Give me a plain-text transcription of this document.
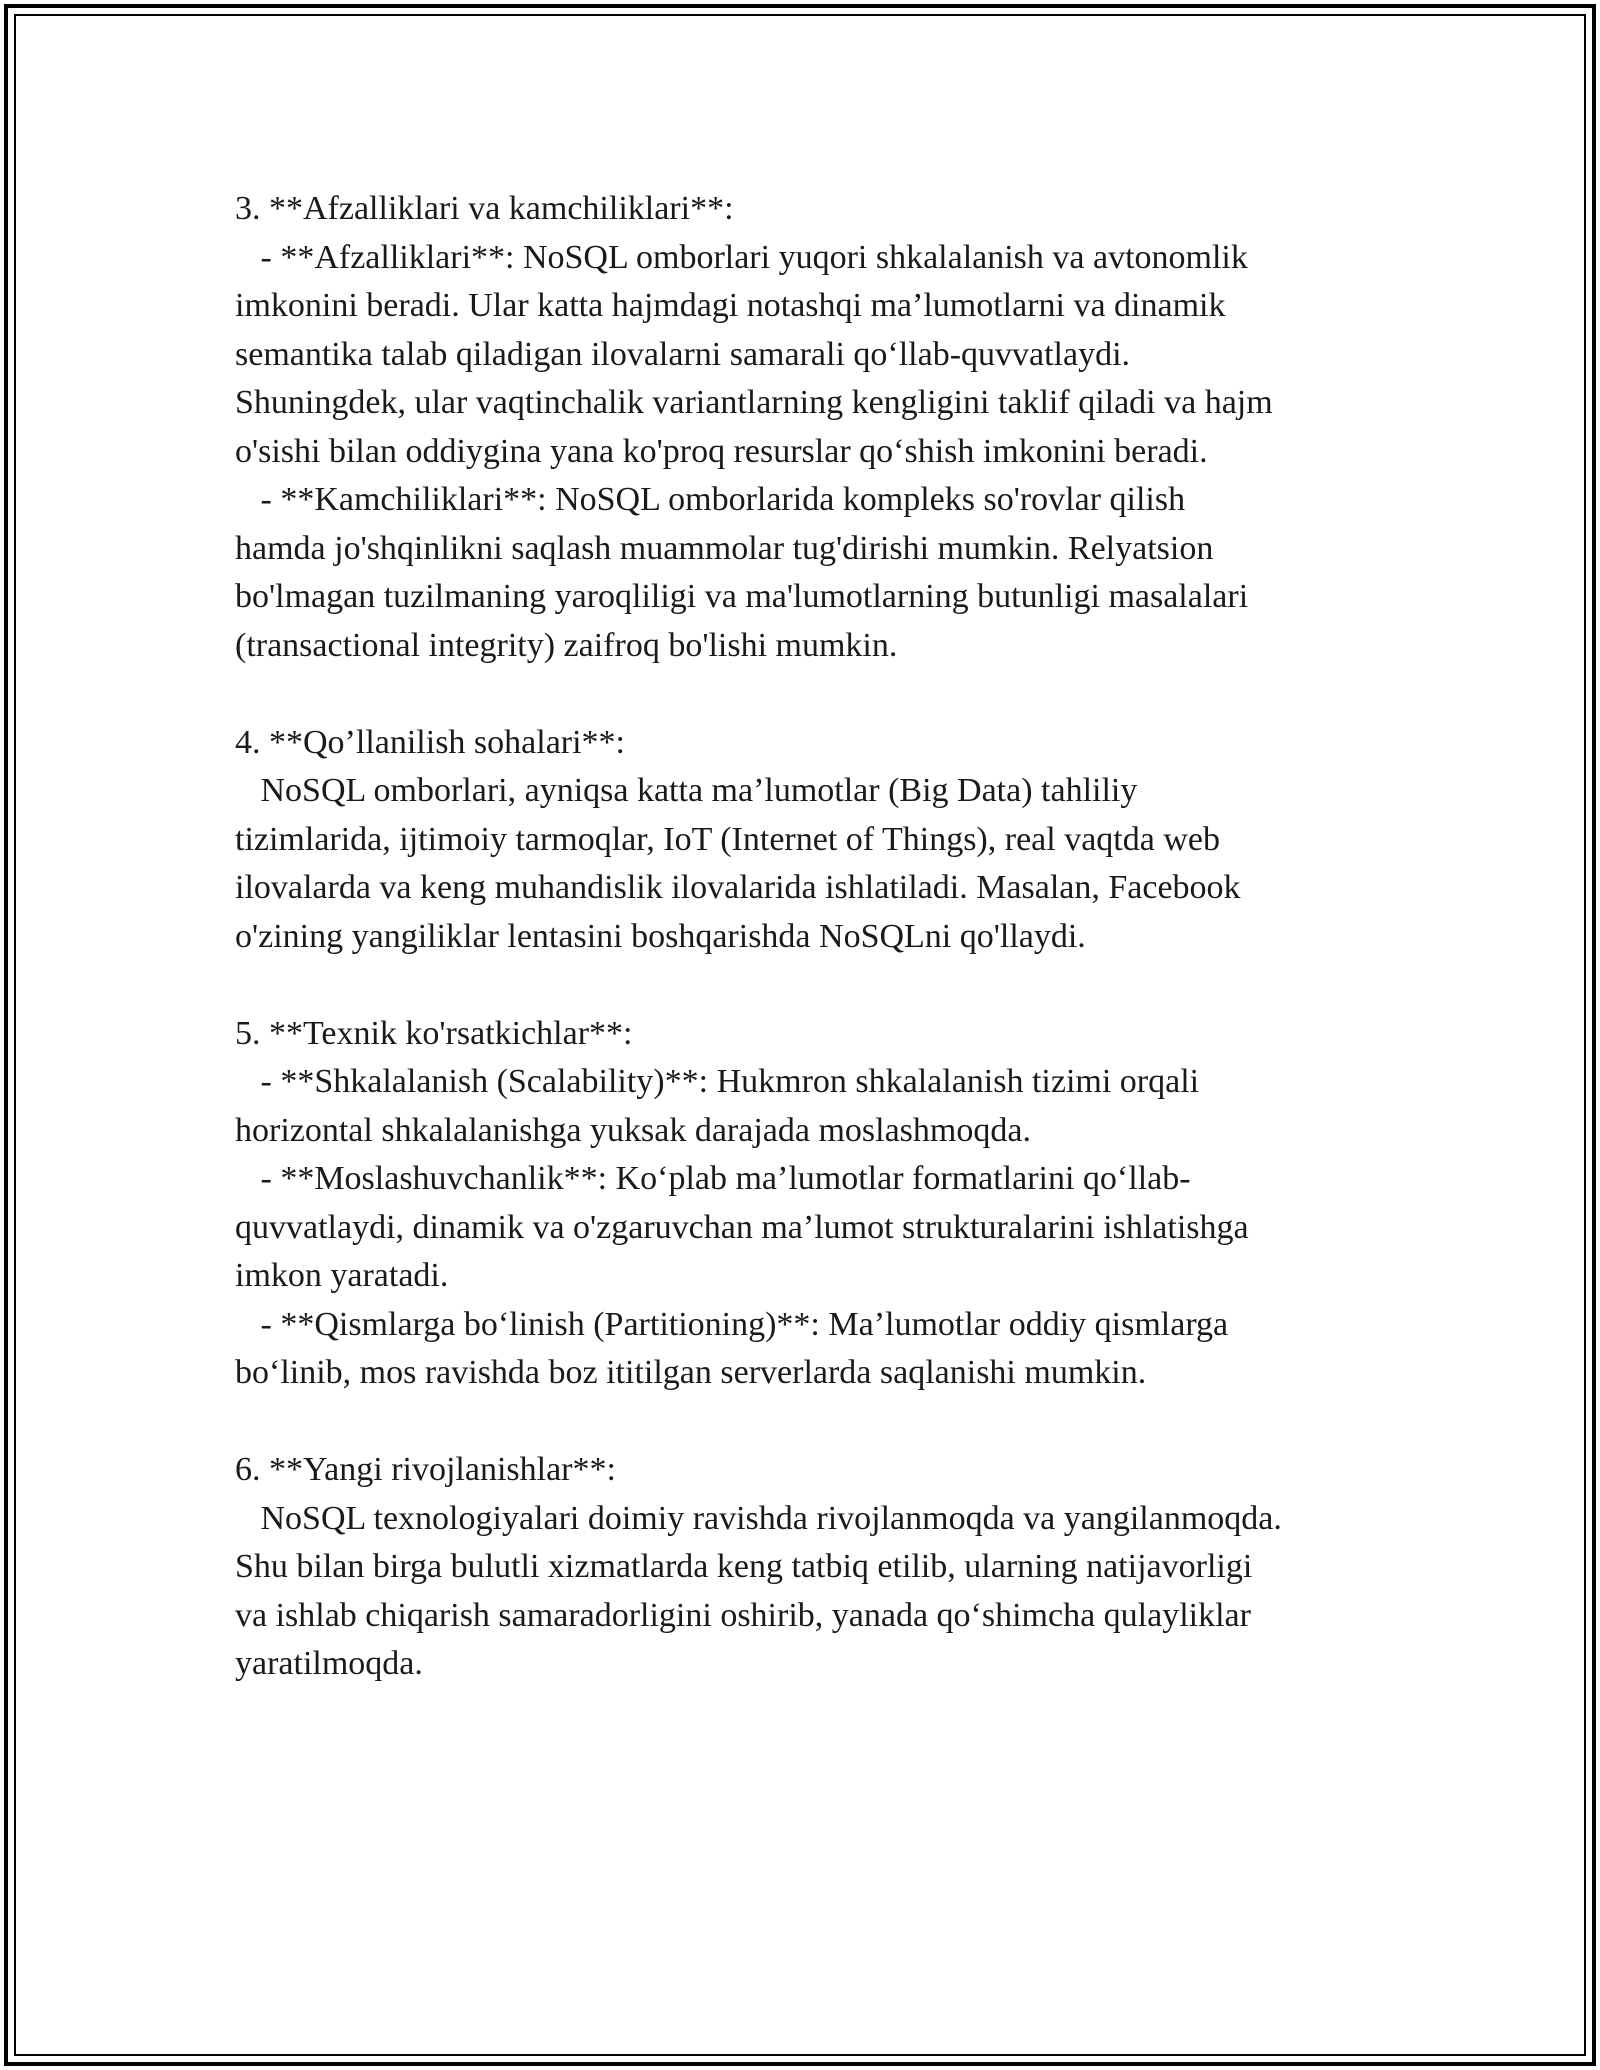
3. **Afzalliklari va kamchiliklari**:
- **Afzalliklari**: NoSQL omborlari yuqori shkalalanish va avtonomlik
imkonini beradi. Ular katta hajmdagi notashqi ma’lumotlarni va dinamik
semantika talab qiladigan ilovalarni samarali qo‘llab-quvvatlaydi.
Shuningdek, ular vaqtinchalik variantlarning kengligini taklif qiladi va hajm
o'sishi bilan oddiygina yana ko'proq resurslar qo‘shish imkonini beradi.
- **Kamchiliklari**: NoSQL omborlarida kompleks so'rovlar qilish
hamda jo'shqinlikni saqlash muammolar tug'dirishi mumkin. Relyatsion
bo'lmagan tuzilmaning yaroqliligi va ma'lumotlarning butunligi masalalari
(transactional integrity) zaifroq bo'lishi mumkin.
4. **Qo’llanilish sohalari**:
NoSQL omborlari, ayniqsa katta ma’lumotlar (Big Data) tahliliy
tizimlarida, ijtimoiy tarmoqlar, IoT (Internet of Things), real vaqtda web
ilovalarda va keng muhandislik ilovalarida ishlatiladi. Masalan, Facebook
o'zining yangiliklar lentasini boshqarishda NoSQLni qo'llaydi.
5. **Texnik ko'rsatkichlar**:
- **Shkalalanish (Scalability)**: Hukmron shkalalanish tizimi orqali
horizontal shkalalanishga yuksak darajada moslashmoqda.
- **Moslashuvchanlik**: Ko‘plab ma’lumotlar formatlarini qo‘llab-
quvvatlaydi, dinamik va o'zgaruvchan ma’lumot strukturalarini ishlatishga
imkon yaratadi.
- **Qismlarga bo‘linish (Partitioning)**: Ma’lumotlar oddiy qismlarga
bo‘linib, mos ravishda boz ititilgan serverlarda saqlanishi mumkin.
6. **Yangi rivojlanishlar**:
NoSQL texnologiyalari doimiy ravishda rivojlanmoqda va yangilanmoqda.
Shu bilan birga bulutli xizmatlarda keng tatbiq etilib, ularning natijavorligi
va ishlab chiqarish samaradorligini oshirib, yanada qo‘shimcha qulayliklar
yaratilmoqda.
